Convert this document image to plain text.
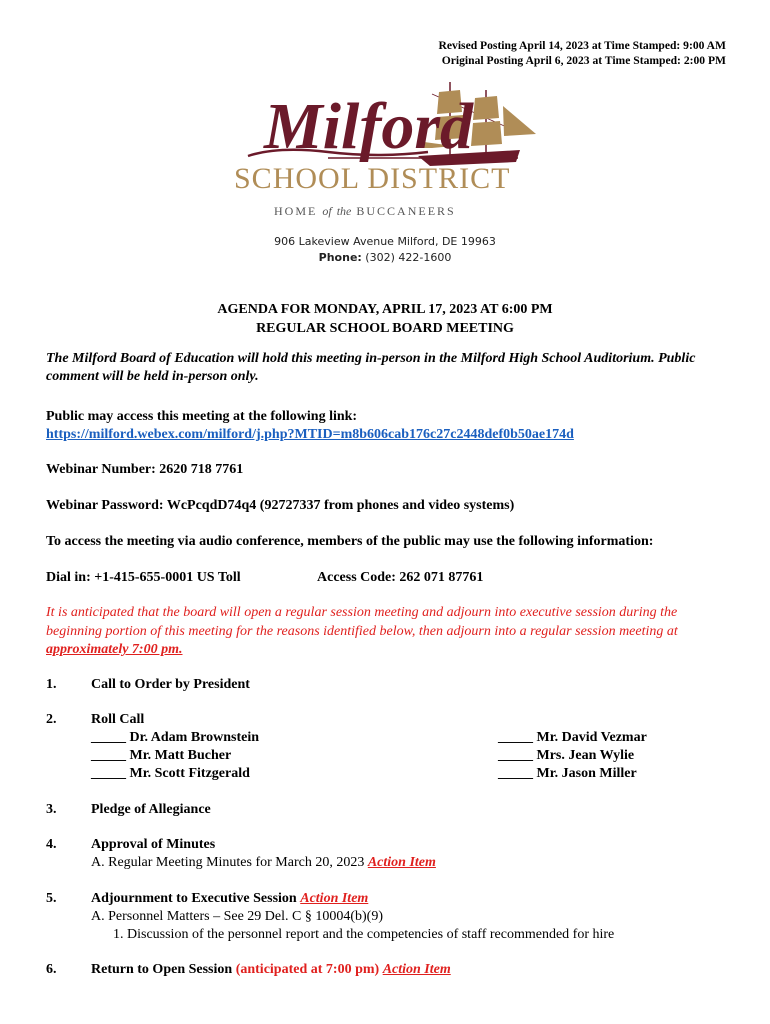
Revised Posting April 14, 2023 at Time Stamped: 9:00 AM
Original Posting April 6, 2023 at Time Stamped: 2:00 PM
Milford
SCHOOL DISTRICT
HOME of the BUCCANEERS
906 Lakeview Avenue Milford, DE 19963
Phone: (302) 422-1600
AGENDA FOR MONDAY, APRIL 17, 2023 AT 6:00 PM
REGULAR SCHOOL BOARD MEETING
The Milford Board of Education will hold this meeting in-person in the Milford High School Auditorium. Public comment will be held in-person only.
Public may access this meeting at the following link:
https://milford.webex.com/milford/j.php?MTID=m8b606cab176c27c2448def0b50ae174d
Webinar Number: 2620 718 7761
Webinar Password: WcPcqdD74q4 (92727337 from phones and video systems)
To access the meeting via audio conference, members of the public may use the following information:
Dial in: +1-415-655-0001 US Toll	Access Code: 262 071 87761
It is anticipated that the board will open a regular session meeting and adjourn into executive session during the beginning portion of this meeting for the reasons identified below, then adjourn into a regular session meeting at approximately 7:00 pm.
1. Call to Order by President
2. Roll Call
_____ Dr. Adam Brownstein
_____ Mr. Matt Bucher
_____ Mr. Scott Fitzgerald
_____ Mr. David Vezmar
_____ Mrs. Jean Wylie
_____ Mr. Jason Miller
3. Pledge of Allegiance
4. Approval of Minutes
A. Regular Meeting Minutes for March 20, 2023 Action Item
5. Adjournment to Executive Session Action Item
A. Personnel Matters – See 29 Del. C § 10004(b)(9)
1. Discussion of the personnel report and the competencies of staff recommended for hire
6. Return to Open Session (anticipated at 7:00 pm) Action Item
